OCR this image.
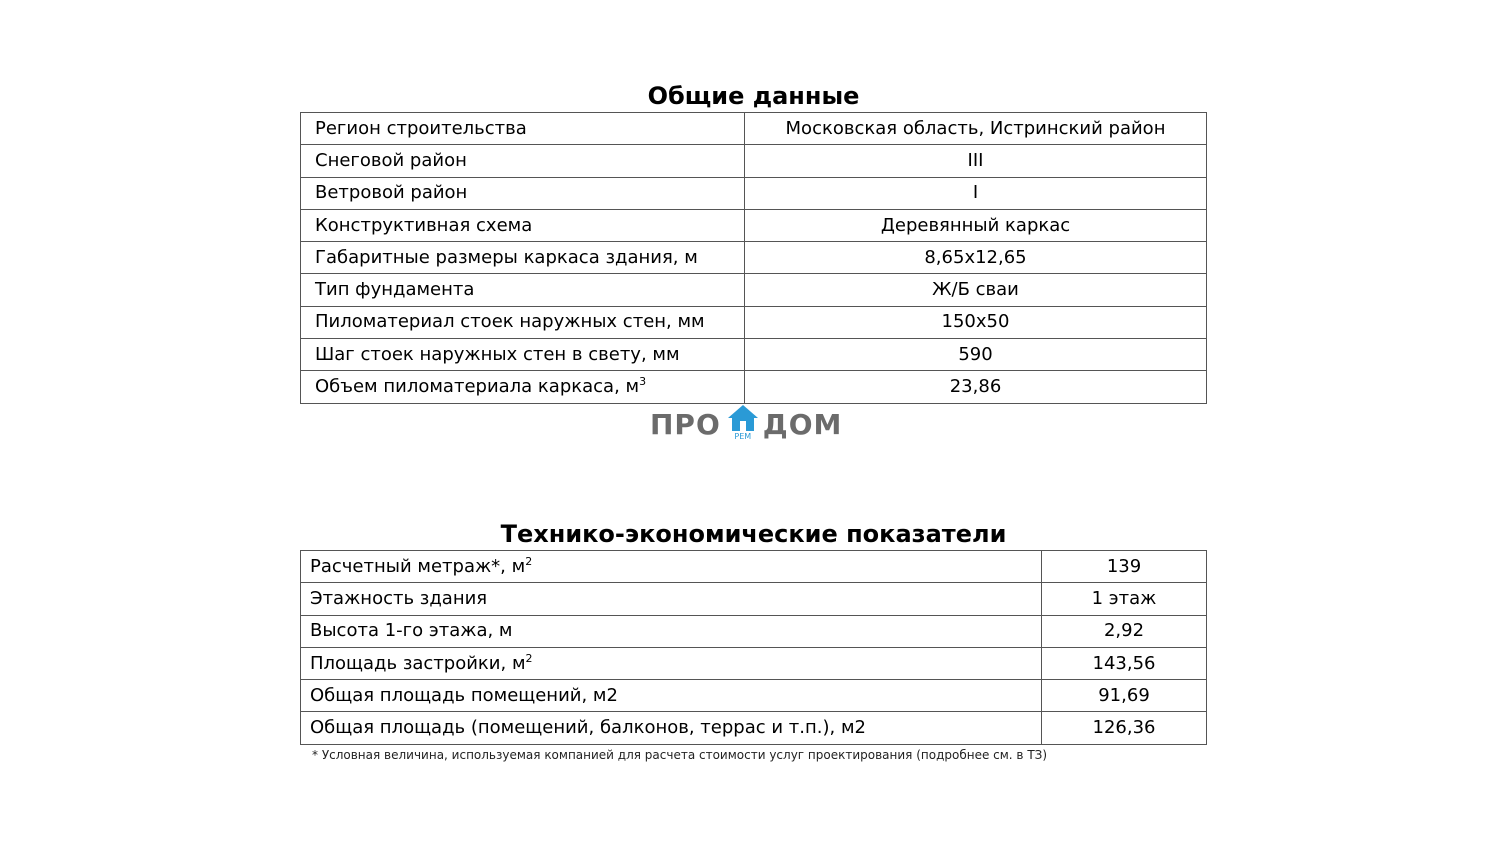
Общие данные
Регион строительства	Московская область, Истринский район
Снеговой район	III
Ветровой район	I
Конструктивная схема	Деревянный каркас
Габаритные размеры каркаса здания, м	8,65x12,65
Тип фундамента	Ж/Б сваи
Пиломатериал стоек наружных стен, мм	150x50
Шаг стоек наружных стен в свету, мм	590
Объем пиломатериала каркаса, $м^3$	23,86
ПРО	РЕМ ДОМ
Технико-экономические показатели
Расчетный метраж*, $м^2$	139
Этажность здания	1 этаж
Высота 1-го этажа, м	2,92
Площадь застройки, $м^2$	143,56
Общая площадь помещений, м2	91,69
Общая площадь (помещений, балконов, террас и т.п.), м2	126,36
* Условная величина, используемая компанией для расчета стоимости услуг проектирования (подробнее см. в ТЗ)
